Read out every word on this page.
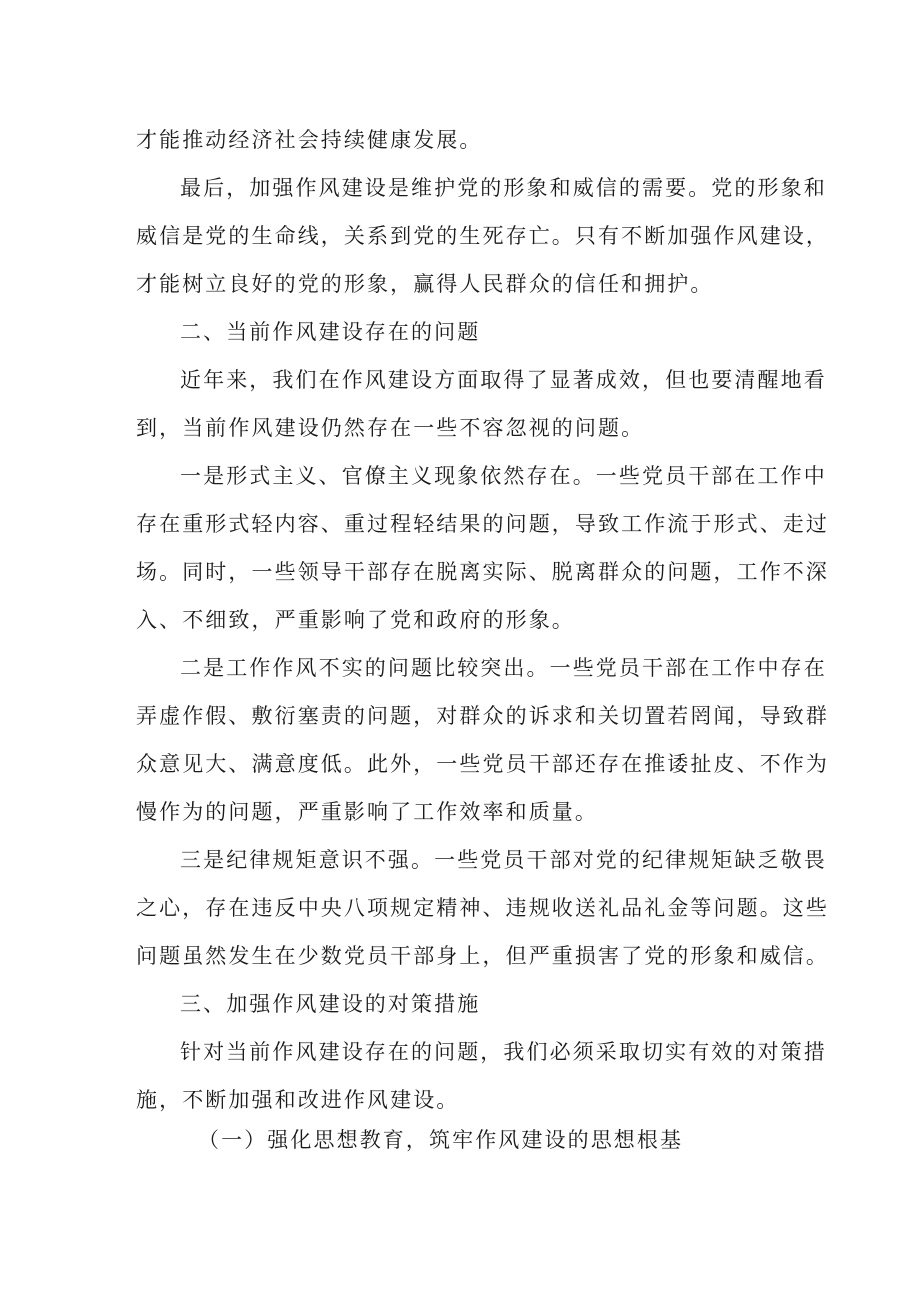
才能推动经济社会持续健康发展。

最后，加强作风建设是维护党的形象和威信的需要。党的形象和

威信是党的生命线，关系到党的生死存亡。只有不断加强作风建设，

才能树立良好的党的形象，赢得人民群众的信任和拥护。

二、当前作风建设存在的问题

近年来，我们在作风建设方面取得了显著成效，但也要清醒地看

到，当前作风建设仍然存在一些不容忽视的问题。

一是形式主义、官僚主义现象依然存在。一些党员干部在工作中

存在重形式轻内容、重过程轻结果的问题，导致工作流于形式、走过

场。同时，一些领导干部存在脱离实际、脱离群众的问题，工作不深

入、不细致，严重影响了党和政府的形象。

二是工作作风不实的问题比较突出。一些党员干部在工作中存在

弄虚作假、敷衍塞责的问题，对群众的诉求和关切置若罔闻，导致群

众意见大、满意度低。此外，一些党员干部还存在推诿扯皮、不作为

慢作为的问题，严重影响了工作效率和质量。

三是纪律规矩意识不强。一些党员干部对党的纪律规矩缺乏敬畏

之心，存在违反中央八项规定精神、违规收送礼品礼金等问题。这些

问题虽然发生在少数党员干部身上，但严重损害了党的形象和威信。

三、加强作风建设的对策措施

针对当前作风建设存在的问题，我们必须采取切实有效的对策措

施，不断加强和改进作风建设。

（一）强化思想教育，筑牢作风建设的思想根基
